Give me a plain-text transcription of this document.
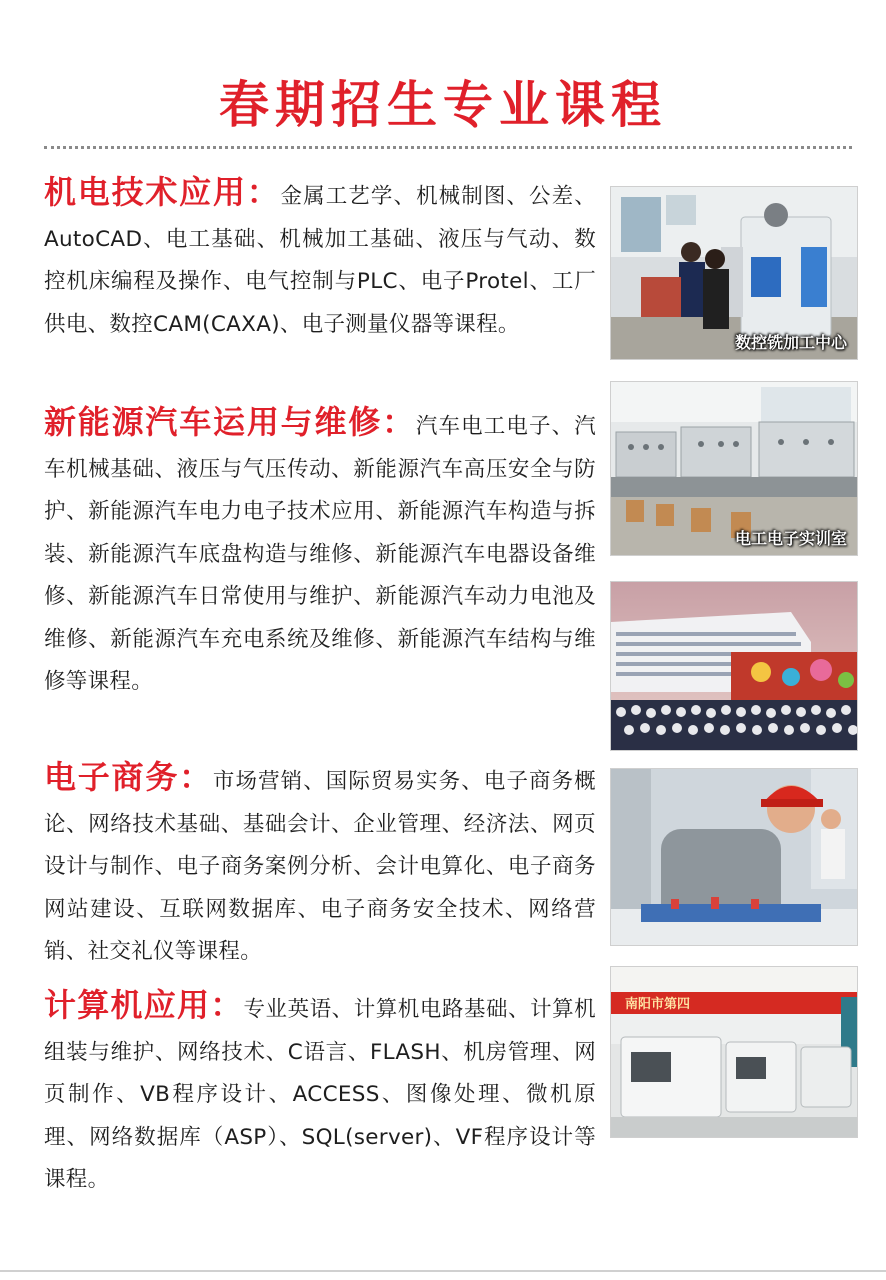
春期招生专业课程

机电技术应用：金属工艺学、机械制图、公差、AutoCAD、电工基础、机械加工基础、液压与气动、数控机床编程及操作、电气控制与PLC、电子Protel、工厂供电、数控CAM(CAXA)、电子测量仪器等课程。

新能源汽车运用与维修：汽车电工电子、汽车机械基础、液压与气压传动、新能源汽车高压安全与防护、新能源汽车电力电子技术应用、新能源汽车构造与拆装、新能源汽车底盘构造与维修、新能源汽车电器设备维修、新能源汽车日常使用与维护、新能源汽车动力电池及维修、新能源汽车充电系统及维修、新能源汽车结构与维修等课程。

电子商务：市场营销、国际贸易实务、电子商务概论、网络技术基础、基础会计、企业管理、经济法、网页设计与制作、电子商务案例分析、会计电算化、电子商务网站建设、互联网数据库、电子商务安全技术、网络营销、社交礼仪等课程。

计算机应用：专业英语、计算机电路基础、计算机组装与维护、网络技术、C语言、FLASH、机房管理、网页制作、VB程序设计、ACCESS、图像处理、微机原理、网络数据库（ASP）、SQL(server)、VF程序设计等课程。

数控铣加工中心
电工电子实训室
南阳市第四
